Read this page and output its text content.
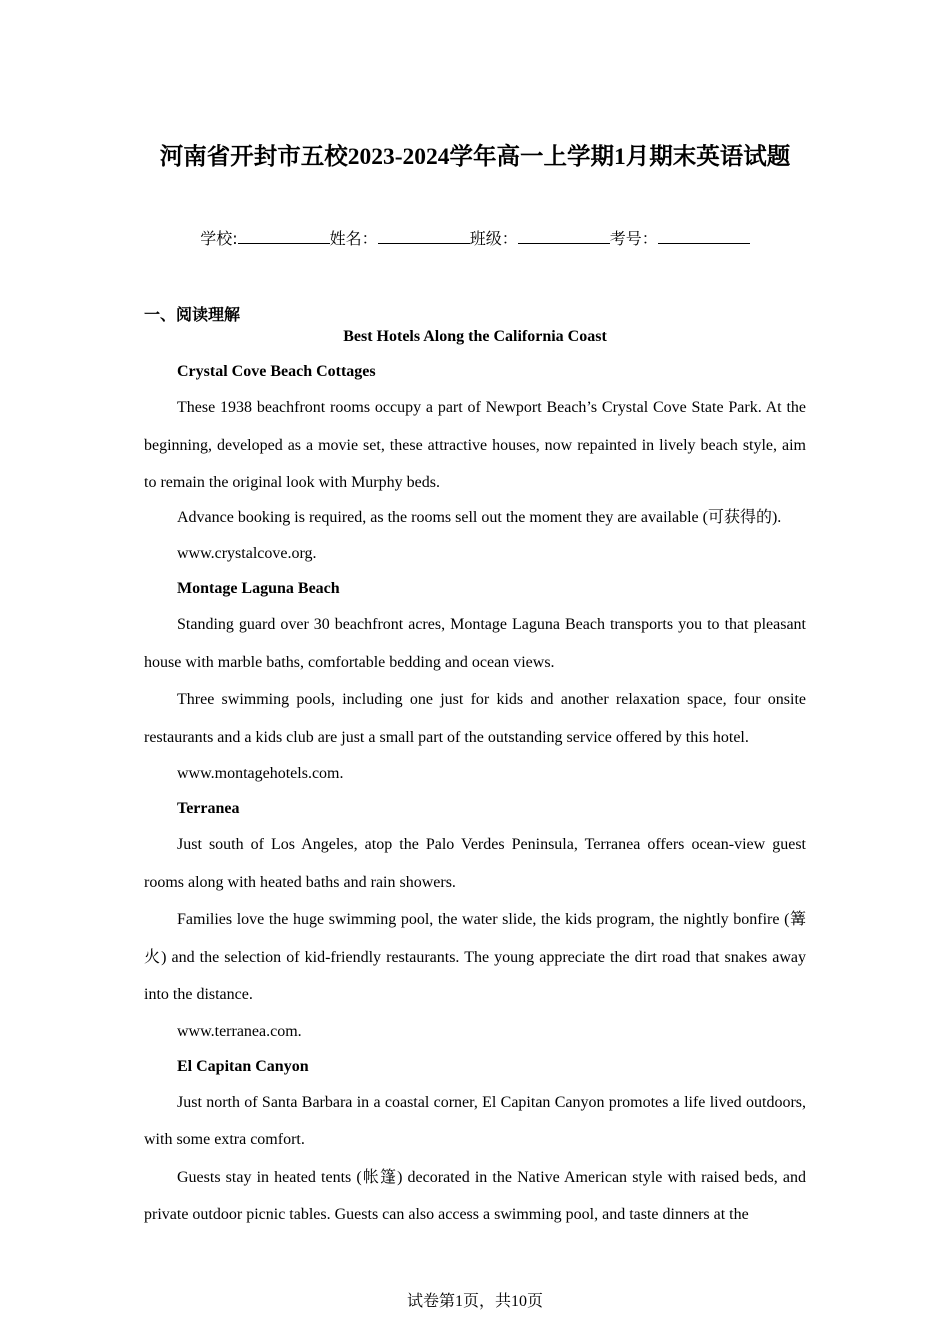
河南省开封市五校2023-2024学年高一上学期1月期末英语试题
学校:	姓名：	班级：	考号：
一、阅读理解

Best Hotels Along the California Coast

Crystal Cove Beach Cottages

These 1938 beachfront rooms occupy a part of Newport Beach’s Crystal Cove State Park. At the beginning, developed as a movie set, these attractive houses, now repainted in lively beach style, aim to remain the original look with Murphy beds.

Advance booking is required, as the rooms sell out the moment they are available (可获得的).

www.crystalcove.org.

Montage Laguna Beach

Standing guard over 30 beachfront acres, Montage Laguna Beach transports you to that pleasant house with marble baths, comfortable bedding and ocean views.

Three swimming pools, including one just for kids and another relaxation space, four onsite restaurants and a kids club are just a small part of the outstanding service offered by this hotel.

www.montagehotels.com.

Terranea

Just south of Los Angeles, atop the Palo Verdes Peninsula, Terranea offers ocean-view guest rooms along with heated baths and rain showers.

Families love the huge swimming pool, the water slide, the kids program, the nightly bonfire (篝火) and the selection of kid-friendly restaurants. The young appreciate the dirt road that snakes away into the distance.

www.terranea.com.

El Capitan Canyon

Just north of Santa Barbara in a coastal corner, El Capitan Canyon promotes a life lived outdoors, with some extra comfort.

Guests stay in heated tents (帐篷) decorated in the Native American style with raised beds, and private outdoor picnic tables. Guests can also access a swimming pool, and taste dinners at the

试卷第1页，共10页
